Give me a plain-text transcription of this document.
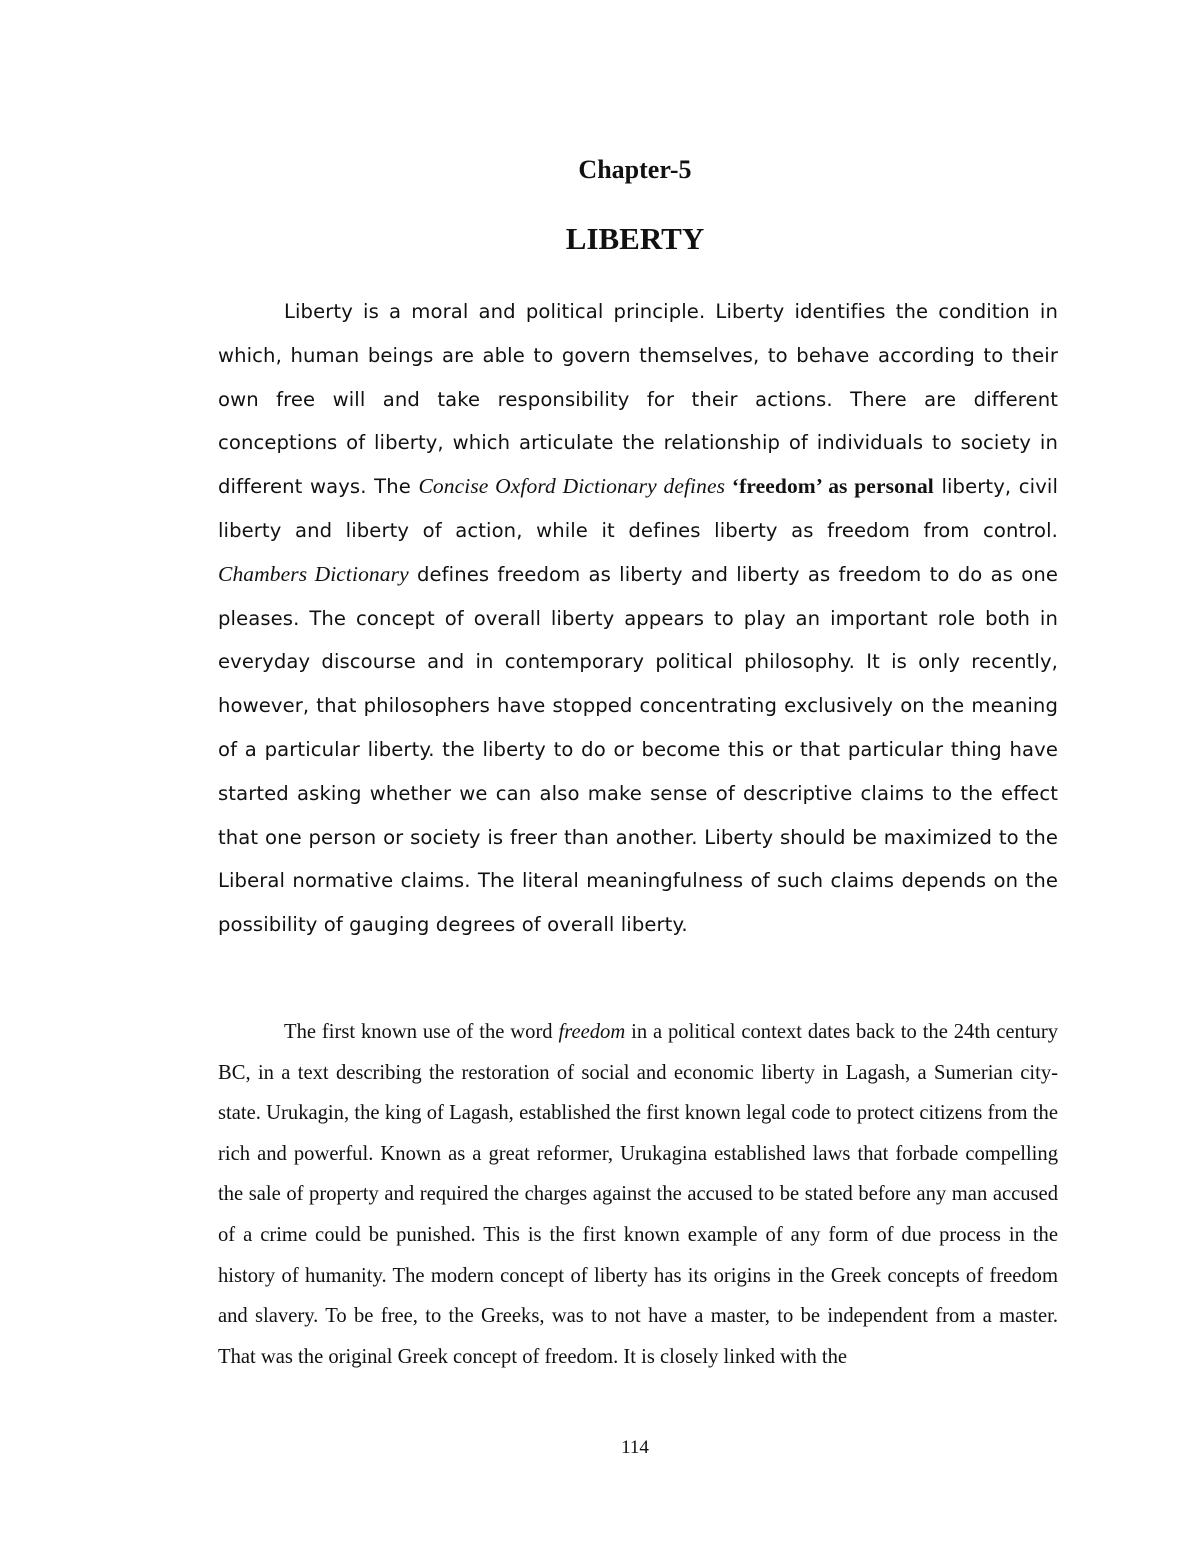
Chapter-5
LIBERTY

Liberty is a moral and political principle. Liberty identifies the condition in which, human beings are able to govern themselves, to behave according to their own free will and take responsibility for their actions. There are different conceptions of liberty, which articulate the relationship of individuals to society in different ways. The Concise Oxford Dictionary defines ‘freedom’ as personal liberty, civil liberty and liberty of action, while it defines liberty as freedom from control. Chambers Dictionary defines freedom as liberty and liberty as freedom to do as one pleases. The concept of overall liberty appears to play an important role both in everyday discourse and in contemporary political philosophy. It is only recently, however, that philosophers have stopped concentrating exclusively on the meaning of a particular liberty. the liberty to do or become this or that particular thing have started asking whether we can also make sense of descriptive claims to the effect that one person or society is freer than another. Liberty should be maximized to the Liberal normative claims. The literal meaningfulness of such claims depends on the possibility of gauging degrees of overall liberty.

The first known use of the word freedom in a political context dates back to the 24th century BC, in a text describing the restoration of social and economic liberty in Lagash, a Sumerian city-state. Urukagin, the king of Lagash, established the first known legal code to protect citizens from the rich and powerful. Known as a great reformer, Urukagina established laws that forbade compelling the sale of property and required the charges against the accused to be stated before any man accused of a crime could be punished. This is the first known example of any form of due process in the history of humanity. The modern concept of liberty has its origins in the Greek concepts of freedom and slavery. To be free, to the Greeks, was to not have a master, to be independent from a master. That was the original Greek concept of freedom. It is closely linked with the

114
